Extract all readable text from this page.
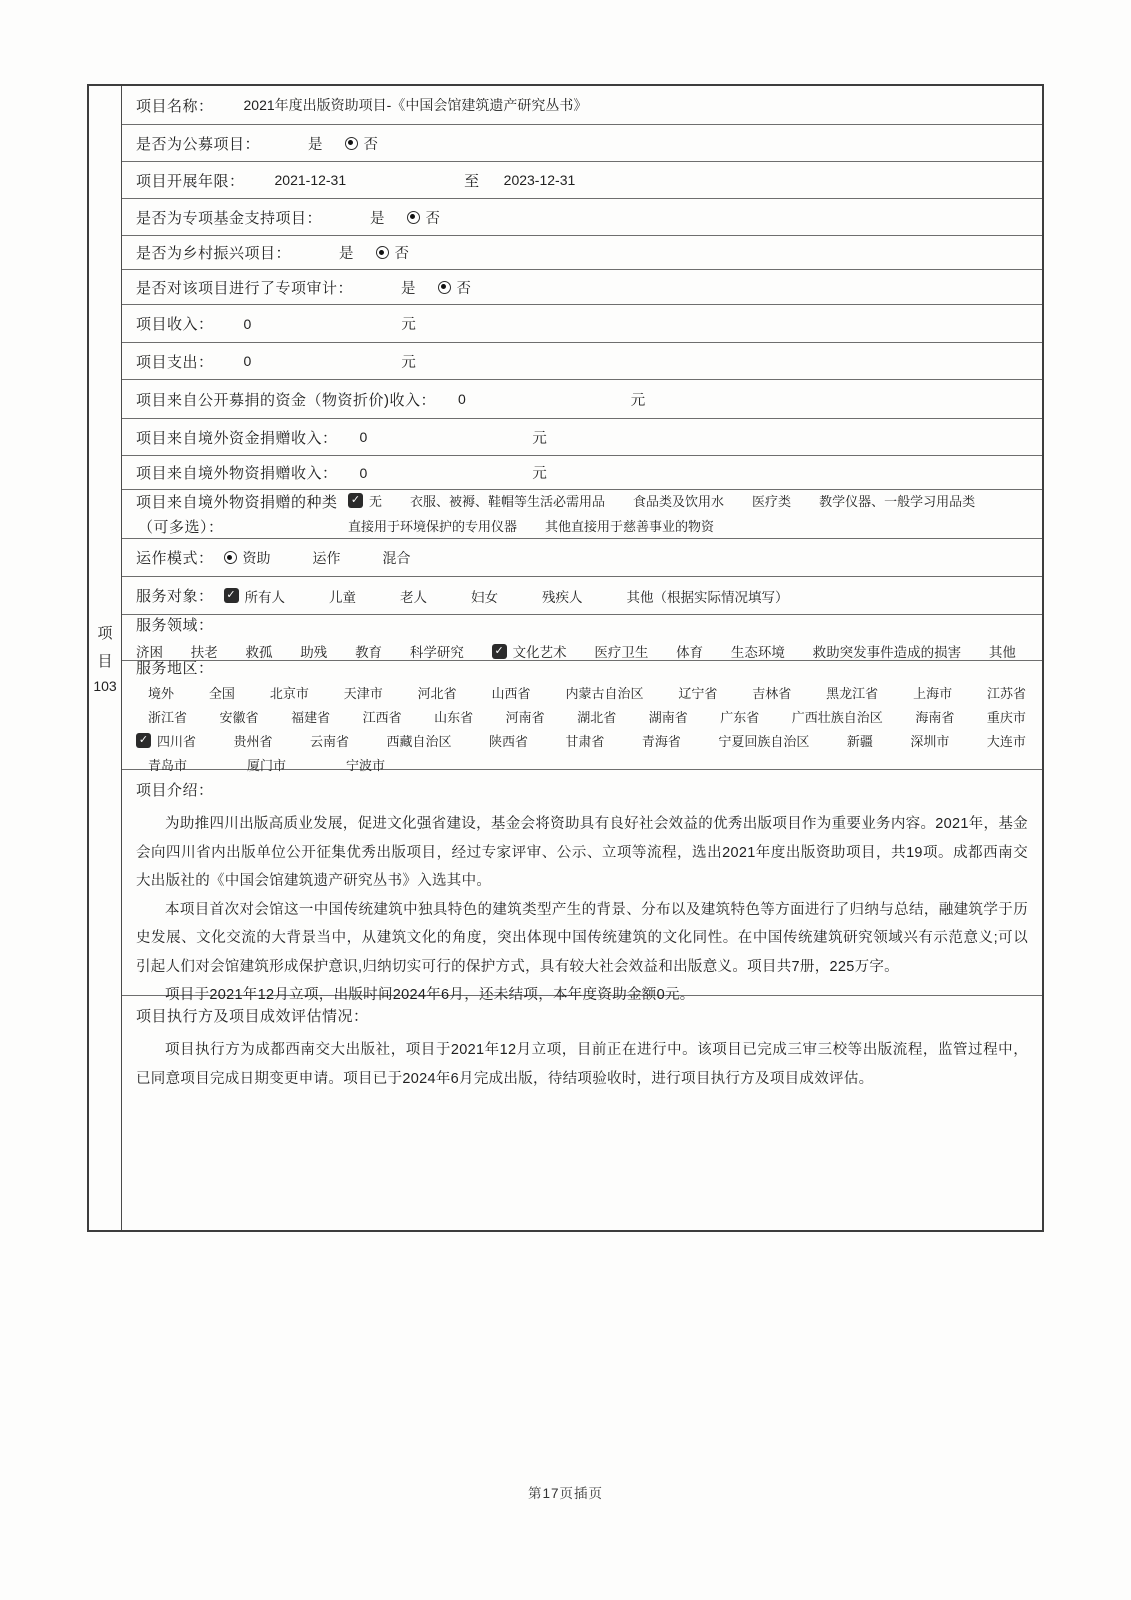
项
目
103
项目名称： 2021年度出版资助项目-《中国会馆建筑遗产研究丛书》
是否为公募项目：	是	否
项目开展年限： 2021-12-31	至 2023-12-31
是否为专项基金支持项目：	是	否
是否为乡村振兴项目：	是	否
是否对该项目进行了专项审计：	是	否
项目收入： 0	元
项目支出： 0	元
项目来自公开募捐的资金（物资折价)收入： 0	元
项目来自境外资金捐赠收入： 0	元
项目来自境外物资捐赠收入： 0	元
项目来自境外物资捐赠的种类
（可多选）：
✓ 无 衣服、被褥、鞋帽等生活必需用品 食品类及饮用水 医疗类 教学仪器、一般学习用品类
直接用于环境保护的专用仪器 其他直接用于慈善事业的物资
运作模式： 资助	运作	混合
服务对象： ✓ 所有人	儿童	老人	妇女	残疾人	其他（根据实际情况填写）
服务领域：
济困 扶老 救孤 助残 教育 科学研究	✓ 文化艺术 医疗卫生 体育 生态环境 救助突发事件造成的损害 其他
服务地区：
境外	全国	北京市	天津市	河北省	山西省	内蒙古自治区	辽宁省	吉林省	黑龙江省	上海市	江苏省
浙江省	安徽省	福建省	江西省	山东省	河南省	湖北省	湖南省	广东省	广西壮族自治区	海南省	重庆市
✓ 四川省	贵州省	云南省	西藏自治区	陕西省	甘肃省	青海省	宁夏回族自治区	新疆	深圳市	大连市
青岛市	厦门市	宁波市
项目介绍：

为助推四川出版高质业发展，促进文化强省建设，基金会将资助具有良好社会效益的优秀出版项目作为重要业务内容。2021年，基金会向四川省内出版单位公开征集优秀出版项目，经过专家评审、公示、立项等流程，选出2021年度出版资助项目，共19项。成都西南交大出版社的《中国会馆建筑遗产研究丛书》入选其中。

本项目首次对会馆这一中国传统建筑中独具特色的建筑类型产生的背景、分布以及建筑特色等方面进行了归纳与总结，融建筑学于历史发展、文化交流的大背景当中，从建筑文化的角度，突出体现中国传统建筑的文化同性。在中国传统建筑研究领域兴有示范意义;可以引起人们对会馆建筑形成保护意识,归纳切实可行的保护方式，具有较大社会效益和出版意义。项目共7册，225万字。

项目于2021年12月立项，出版时间2024年6月，还未结项，本年度资助金额0元。

项目执行方及项目成效评估情况：

项目执行方为成都西南交大出版社，项目于2021年12月立项，目前正在进行中。该项目已完成三审三校等出版流程，监管过程中，已同意项目完成日期变更申请。项目已于2024年6月完成出版，待结项验收时，进行项目执行方及项目成效评估。

第17页插页
